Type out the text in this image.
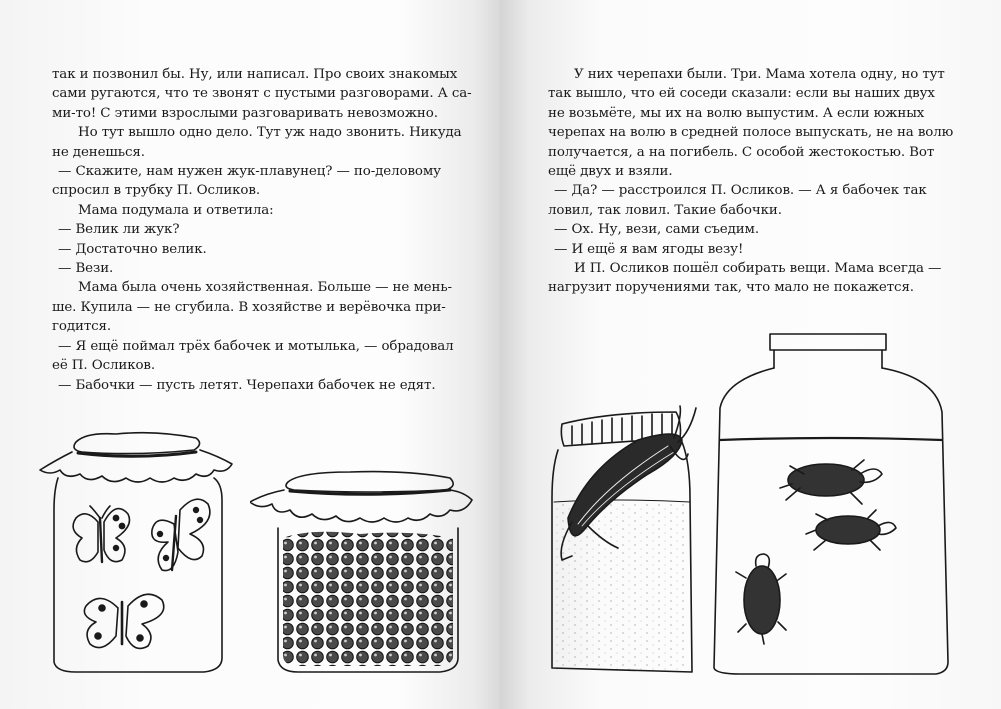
так и позвонил бы. Ну, или написал. Про своих знакомых
сами ругаются, что те звонят с пустыми разговорами. А са-
ми-то! С этими взрослыми разговаривать невозможно.
Но тут вышло одно дело. Тут уж надо звонить. Никуда
не денешься.
— Скажите, нам нужен жук-плавунец? — по-деловому
спросил в трубку П. Осликов.
Мама подумала и ответила:
— Велик ли жук?
— Достаточно велик.
— Вези.
Мама была очень хозяйственная. Больше — не мень-
ше. Купила — не сгубила. В хозяйстве и верёвочка при-
годится.
— Я ещё поймал трёх бабочек и мотылька, — обрадовал
её П. Осликов.
— Бабочки — пусть летят. Черепахи бабочек не едят.
У них черепахи были. Три. Мама хотела одну, но тут
так вышло, что ей соседи сказали: если вы наших двух
не возьмёте, мы их на волю выпустим. А если южных
черепах на волю в средней полосе выпускать, не на волю
получается, а на погибель. С особой жестокостью. Вот
ещё двух и взяли.
— Да? — расстроился П. Осликов. — А я бабочек так
ловил, так ловил. Такие бабочки.
— Ох. Ну, вези, сами съедим.
— И ещё я вам ягоды везу!
И П. Осликов пошёл собирать вещи. Мама всегда —
нагрузит поручениями так, что мало не покажется.
